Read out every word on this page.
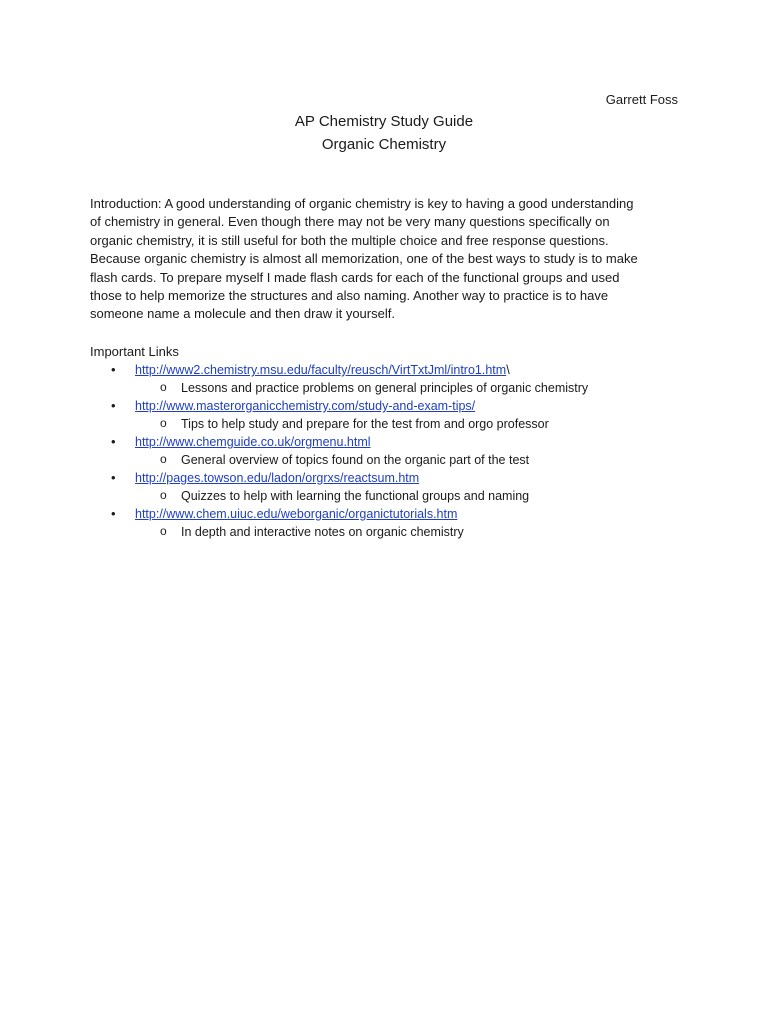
Garrett Foss
AP Chemistry Study Guide
Organic Chemistry
Introduction: A good understanding of organic chemistry is key to having a good understanding
of chemistry in general. Even though there may not be very many questions specifically on
organic chemistry, it is still useful for both the multiple choice and free response questions.
Because organic chemistry is almost all memorization, one of the best ways to study is to make
flash cards. To prepare myself I made flash cards for each of the functional groups and used
those to help memorize the structures and also naming. Another way to practice is to have
someone name a molecule and then draw it yourself.
Important Links
• http://www2.chemistry.msu.edu/faculty/reusch/VirtTxtJml/intro1.htm\
o Lessons and practice problems on general principles of organic chemistry
• http://www.masterorganicchemistry.com/study-and-exam-tips/
o Tips to help study and prepare for the test from and orgo professor
• http://www.chemguide.co.uk/orgmenu.html
o General overview of topics found on the organic part of the test
• http://pages.towson.edu/ladon/orgrxs/reactsum.htm
o Quizzes to help with learning the functional groups and naming
• http://www.chem.uiuc.edu/weborganic/organictutorials.htm
o In depth and interactive notes on organic chemistry
